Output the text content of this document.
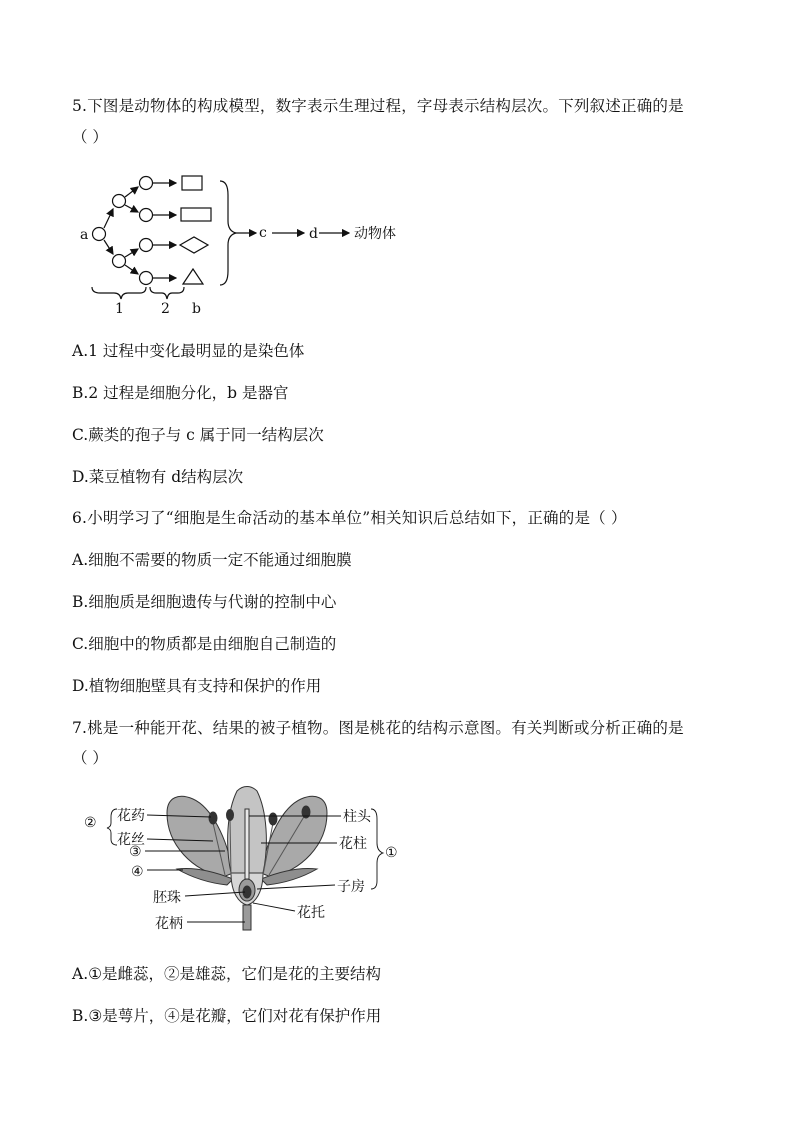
5.下图是动物体的构成模型，数字表示生理过程，字母表示结构层次。下列叙述正确的是
（ ）
a	c	d	动物体
1	2 b
A.1 过程中变化最明显的是染色体
B.2 过程是细胞分化，b 是器官
C.蕨类的孢子与 c 属于同一结构层次
D.菜豆植物有 d结构层次
6.小明学习了“细胞是生命活动的基本单位”相关知识后总结如下，正确的是（ ）
A.细胞不需要的物质一定不能通过细胞膜
B.细胞质是细胞遗传与代谢的控制中心
C.细胞中的物质都是由细胞自己制造的
D.植物细胞壁具有支持和保护的作用
7.桃是一种能开花、结果的被子植物。图是桃花的结构示意图。有关判断或分析正确的是
（ ）
② 花药
花丝
③
④
胚珠
花柄
柱头
花柱
①
子房
花托
A.①是雌蕊，②是雄蕊，它们是花的主要结构
B.③是萼片，④是花瓣，它们对花有保护作用
